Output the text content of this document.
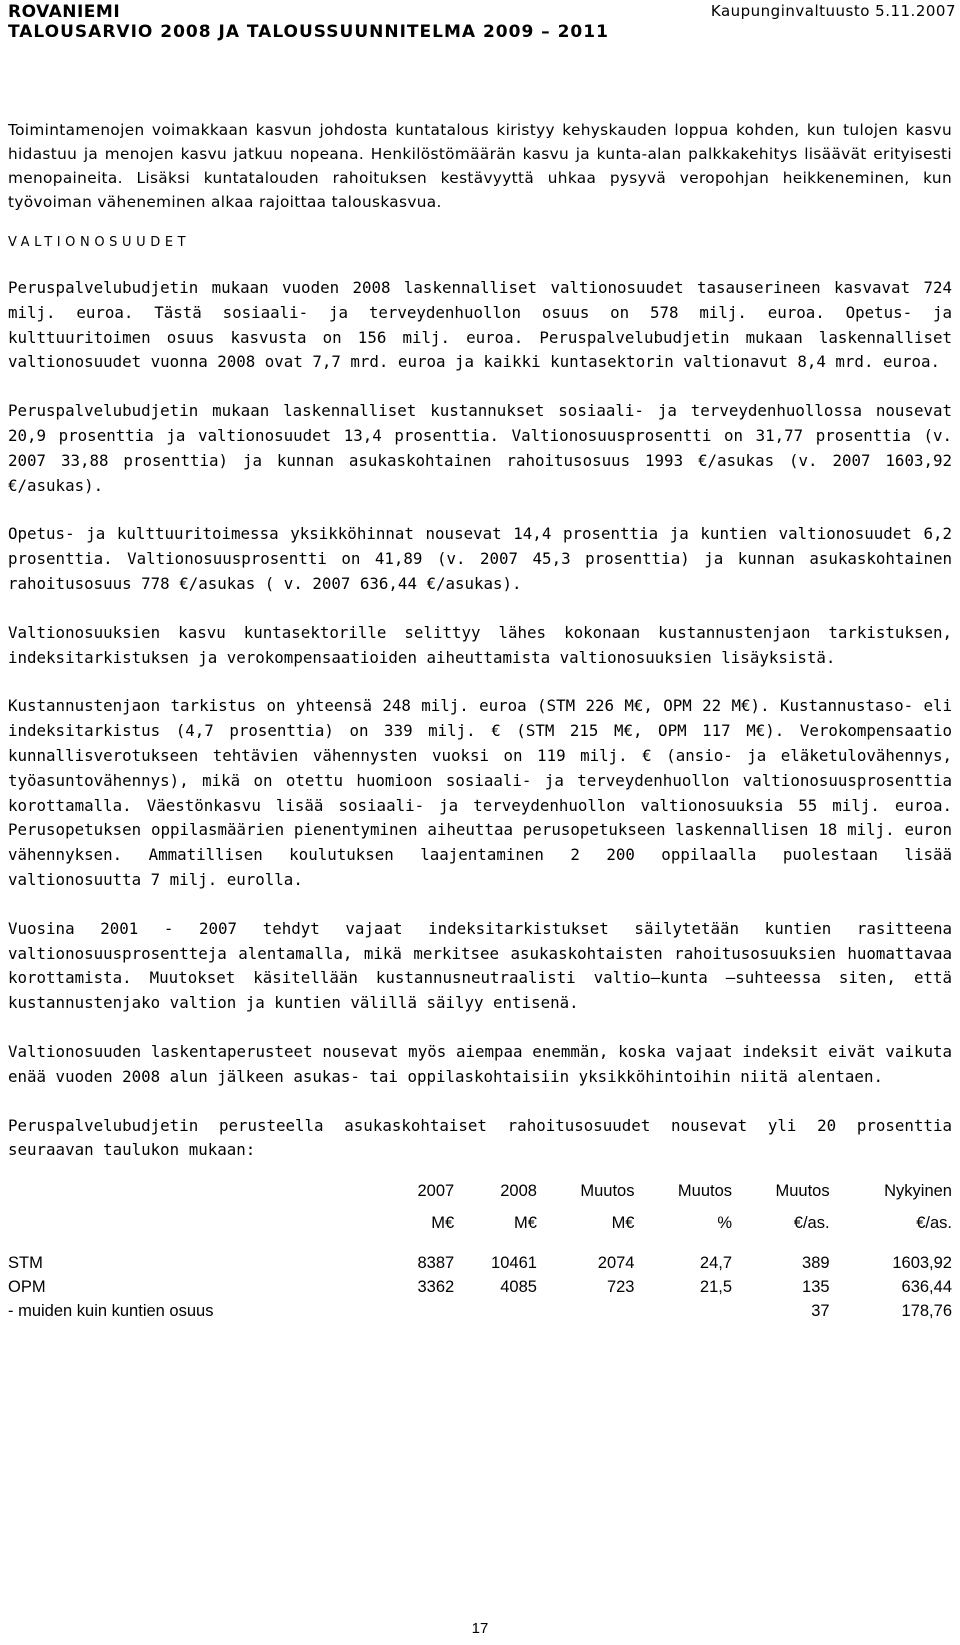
ROVANIEMI
TALOUSARVIO 2008 JA TALOUSSUUNNITELMA 2009 – 2011
Kaupunginvaltuusto 5.11.2007

Toimintamenojen voimakkaan kasvun johdosta kuntatalous kiristyy kehyskauden loppua kohden, kun tulojen kasvu hidastuu ja menojen kasvu jatkuu nopeana. Henkilöstömäärän kasvu ja kunta-alan palkkakehitys lisäävät erityisesti menopaineita. Lisäksi kuntatalouden rahoituksen kestävyyttä uhkaa pysyvä veropohjan heikkeneminen, kun työvoiman väheneminen alkaa rajoittaa talouskasvua.

VALTIONOSUUDET

Peruspalvelubudjetin mukaan vuoden 2008 laskennalliset valtionosuudet tasauserineen kasvavat 724 milj. euroa. Tästä sosiaali- ja terveydenhuollon osuus on 578 milj. euroa. Opetus- ja kulttuuritoimen osuus kasvusta on 156 milj. euroa. Peruspalvelubudjetin mukaan laskennalliset valtionosuudet vuonna 2008 ovat 7,7 mrd. euroa ja kaikki kuntasektorin valtionavut 8,4 mrd. euroa.

Peruspalvelubudjetin mukaan laskennalliset kustannukset sosiaali- ja terveydenhuollossa nousevat 20,9 prosenttia ja valtionosuudet 13,4 prosenttia. Valtionosuusprosentti on 31,77 prosenttia (v. 2007 33,88 prosenttia) ja kunnan asukaskohtainen rahoitusosuus 1993 €/asukas (v. 2007 1603,92 €/asukas).

Opetus- ja kulttuuritoimessa yksikköhinnat nousevat 14,4 prosenttia ja kuntien valtionosuudet 6,2 prosenttia. Valtionosuusprosentti on 41,89 (v. 2007 45,3 prosenttia) ja kunnan asukaskohtainen rahoitusosuus 778 €/asukas ( v. 2007 636,44 €/asukas).

Valtionosuuksien kasvu kuntasektorille selittyy lähes kokonaan kustannustenjaon tarkistuksen, indeksitarkistuksen ja verokompensaatioiden aiheuttamista valtionosuuksien lisäyksistä.

Kustannustenjaon tarkistus on yhteensä 248 milj. euroa (STM 226 M€, OPM 22 M€). Kustannustaso- eli indeksitarkistus (4,7 prosenttia) on 339 milj. € (STM 215 M€, OPM 117 M€). Verokompensaatio kunnallisverotukseen tehtävien vähennysten vuoksi on 119 milj. € (ansio- ja eläketulovähennys, työasuntovähennys), mikä on otettu huomioon sosiaali- ja terveydenhuollon valtionosuusprosenttia korottamalla. Väestönkasvu lisää sosiaali- ja terveydenhuollon valtionosuuksia 55 milj. euroa. Perusopetuksen oppilasmäärien pienentyminen aiheuttaa perusopetukseen laskennallisen 18 milj. euron vähennyksen. Ammatillisen koulutuksen laajentaminen 2 200 oppilaalla puolestaan lisää valtionosuutta 7 milj. eurolla.

Vuosina 2001 - 2007 tehdyt vajaat indeksitarkistukset säilytetään kuntien rasitteena valtionosuusprosentteja alentamalla, mikä merkitsee asukaskohtaisten rahoitusosuuksien huomattavaa korottamista. Muutokset käsitellään kustannusneutraalisti valtio—kunta —suhteessa siten, että kustannustenjako valtion ja kuntien välillä säilyy entisenä.

Valtionosuuden laskentaperusteet nousevat myös aiempaa enemmän, koska vajaat indeksit eivät vaikuta enää vuoden 2008 alun jälkeen asukas- tai oppilaskohtaisiin yksikköhintoihin niitä alentaen.

Peruspalvelubudjetin perusteella asukaskohtaiset rahoitusosuudet nousevat yli 20 prosenttia seuraavan taulukon mukaan:

	2007	2008	Muutos	Muutos	Muutos	Nykyinen
	M€	M€	M€	%	€/as.	€/as.

STM	8387	10461	2074	24,7	389	1603,92
OPM	3362	4085	723	21,5	135	636,44
- muiden kuin kuntien osuus					37	178,76
17
